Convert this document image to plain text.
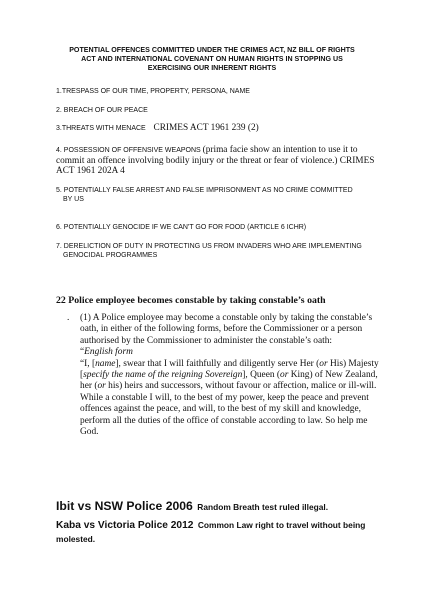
POTENTIAL OFFENCES COMMITTED UNDER THE CRIMES ACT, NZ BILL OF RIGHTS
ACT AND INTERNATIONAL COVENANT ON HUMAN RIGHTS IN STOPPING US
EXERCISING OUR INHERENT RIGHTS
1.TRESPASS OF OUR TIME, PROPERTY, PERSONA, NAME
2. BREACH OF OUR PEACE
3.THREATS WITH MENACE CRIMES ACT 1961 239 (2)
4. POSSESSION OF OFFENSIVE WEAPONS (prima facie show an intention to use it to commit an offence involving bodily injury or the threat or fear of violence.) CRIMES ACT 1961 202A 4
5. POTENTIALLY FALSE ARREST AND FALSE IMPRISONMENT AS NO CRIME COMMITTED
BY US
6. POTENTIALLY GENOCIDE IF WE CAN'T GO FOR FOOD (ARTICLE 6 ICHR)
7. DERELICTION OF DUTY IN PROTECTING US FROM INVADERS WHO ARE IMPLEMENTING
GENOCIDAL PROGRAMMES
22 Police employee becomes constable by taking constable’s oath
. (1) A Police employee may become a constable only by taking the constable’s oath, in either of the following forms, before the Commissioner or a person authorised by the Commissioner to administer the constable’s oath:
“English form
“I, [name], swear that I will faithfully and diligently serve Her (or His) Majesty [specify the name of the reigning Sovereign], Queen (or King) of New Zealand, her (or his) heirs and successors, without favour or affection, malice or ill-will. While a constable I will, to the best of my power, keep the peace and prevent offences against the peace, and will, to the best of my skill and knowledge, perform all the duties of the office of constable according to law. So help me God.
Ibit vs NSW Police 2006 Random Breath test ruled illegal.
Kaba vs Victoria Police 2012 Common Law right to travel without being molested.
